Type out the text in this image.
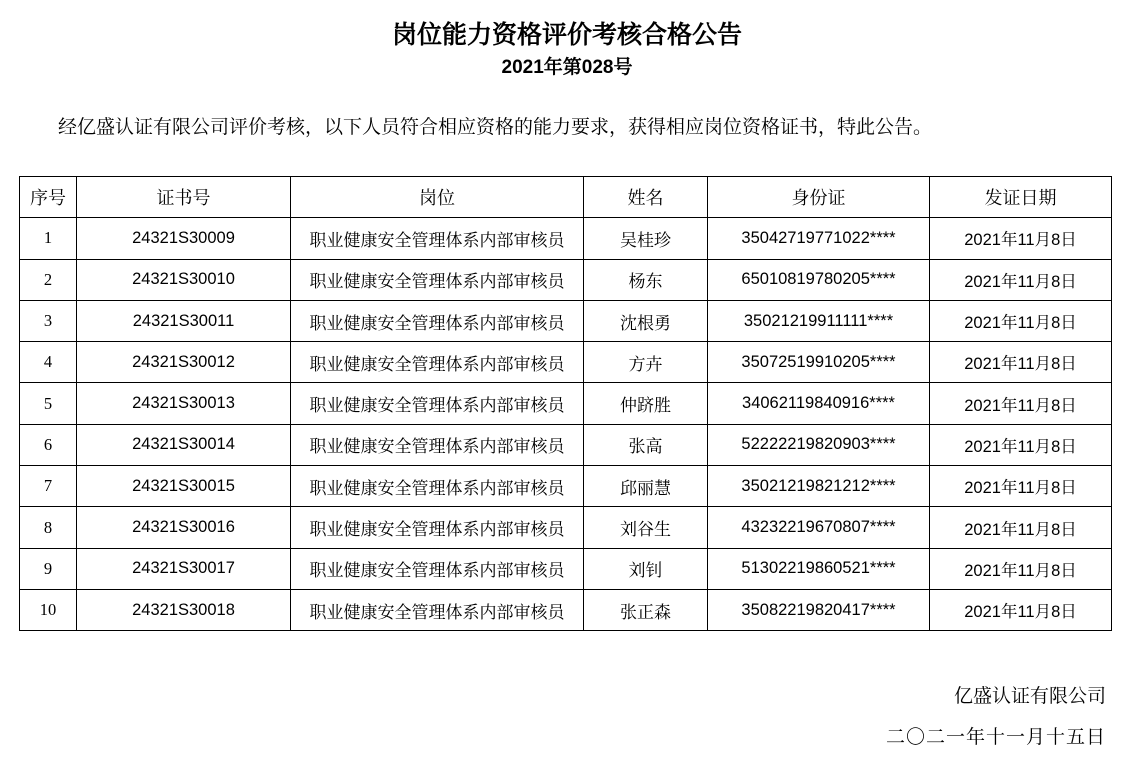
岗位能力资格评价考核合格公告
2021年第028号
经亿盛认证有限公司评价考核，以下人员符合相应资格的能力要求，获得相应岗位资格证书，特此公告。
序号	证书号	岗位	姓名	身份证	发证日期
1	24321S30009	职业健康安全管理体系内部审核员	吴桂珍	35042719771022****	2021年11月8日
2	24321S30010	职业健康安全管理体系内部审核员	杨东	65010819780205****	2021年11月8日
3	24321S30011	职业健康安全管理体系内部审核员	沈根勇	35021219911111****	2021年11月8日
4	24321S30012	职业健康安全管理体系内部审核员	方卉	35072519910205****	2021年11月8日
5	24321S30013	职业健康安全管理体系内部审核员	仲跻胜	34062119840916****	2021年11月8日
6	24321S30014	职业健康安全管理体系内部审核员	张高	52222219820903****	2021年11月8日
7	24321S30015	职业健康安全管理体系内部审核员	邱丽慧	35021219821212****	2021年11月8日
8	24321S30016	职业健康安全管理体系内部审核员	刘谷生	43232219670807****	2021年11月8日
9	24321S30017	职业健康安全管理体系内部审核员	刘钊	51302219860521****	2021年11月8日
10	24321S30018	职业健康安全管理体系内部审核员	张正森	35082219820417****	2021年11月8日
亿盛认证有限公司
二〇二一年十一月十五日
